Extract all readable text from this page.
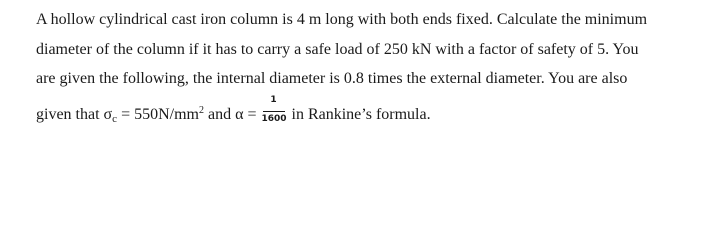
A hollow cylindrical cast iron column is 4 m long with both ends fixed. Calculate the minimum
diameter of the column if it has to carry a safe load of 250 kN with a factor of safety of 5. You
are given the following, the internal diameter is 0.8 times the external diameter. You are also
given that $\sigma_c = 550N/mm^2$ and $\alpha = \frac{1}{1600}$ in Rankine’s formula.
